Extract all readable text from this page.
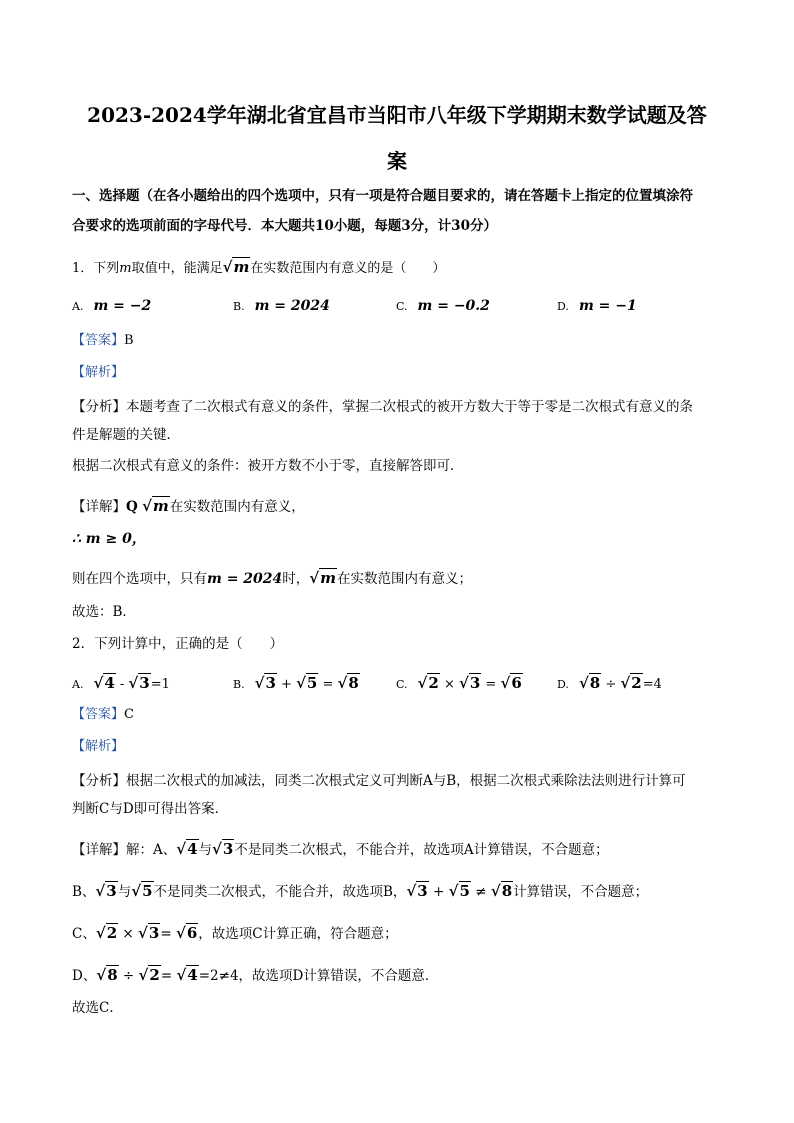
2023-2024学年湖北省宜昌市当阳市八年级下学期期末数学试题及答
案
一、选择题（在各小题给出的四个选项中，只有一项是符合题目要求的，请在答题卡上指定的位置填涂符
合要求的选项前面的字母代号．本大题共10小题，每题3分，计30分）
1．下列m取值中，能满足√m在实数范围内有意义的是（　　）
A. m = −2	B. m = 2024	C. m = −0.2	D. m = −1
【答案】B
【解析】
【分析】本题考查了二次根式有意义的条件，掌握二次根式的被开方数大于等于零是二次根式有意义的条
件是解题的关键．
根据二次根式有意义的条件：被开方数不小于零，直接解答即可．
【详解】Q √m在实数范围内有意义，
∴ m ≥ 0，
则在四个选项中，只有m = 2024时，√m在实数范围内有意义；
故选：B．
2．下列计算中，正确的是（　　）
A. √4 - √3=1	B. √3 + √5 = √8	C. √2 × √3 = √6	D. √8 ÷ √2=4
【答案】C
【解析】
【分析】根据二次根式的加减法，同类二次根式定义可判断A与B，根据二次根式乘除法法则进行计算可
判断C与D即可得出答案．
【详解】解：A、√4与√3不是同类二次根式，不能合并，故选项A计算错误，不合题意；
B、√3与√5不是同类二次根式，不能合并，故选项B，√3 + √5 ≠ √8计算错误，不合题意；
C、√2 × √3= √6，故选项C计算正确，符合题意；
D、√8 ÷ √2= √4=2≠4，故选项D计算错误，不合题意．
故选C．
